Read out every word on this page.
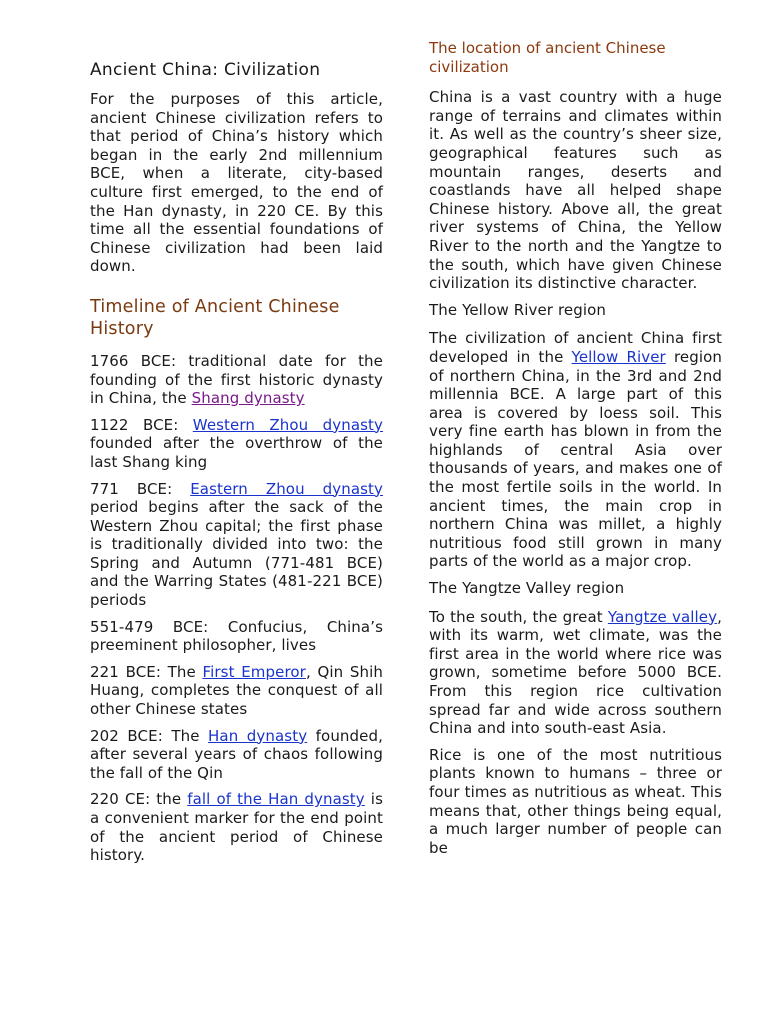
Ancient China: Civilization

For the purposes of this article, ancient Chinese civilization refers to that period of China’s history which began in the early 2nd millennium BCE, when a literate, city-based culture first emerged, to the end of the Han dynasty, in 220 CE. By this time all the essential foundations of Chinese civilization had been laid down.

Timeline of Ancient Chinese History

1766 BCE: traditional date for the founding of the first historic dynasty in China, the Shang dynasty

1122 BCE: Western Zhou dynasty founded after the overthrow of the last Shang king

771 BCE: Eastern Zhou dynasty period begins after the sack of the Western Zhou capital; the first phase is traditionally divided into two: the Spring and Autumn (771-481 BCE) and the Warring States (481-221 BCE) periods

551-479 BCE: Confucius, China’s preeminent philosopher, lives

221 BCE: The First Emperor, Qin Shih Huang, completes the conquest of all other Chinese states

202 BCE: The Han dynasty founded, after several years of chaos following the fall of the Qin

220 CE: the fall of the Han dynasty is a convenient marker for the end point of the ancient period of Chinese history.

The location of ancient Chinese civilization

China is a vast country with a huge range of terrains and climates within it. As well as the country’s sheer size, geographical features such as mountain ranges, deserts and coastlands have all helped shape Chinese history. Above all, the great river systems of China, the Yellow River to the north and the Yangtze to the south, which have given Chinese civilization its distinctive character.

The Yellow River region

The civilization of ancient China first developed in the Yellow River region of northern China, in the 3rd and 2nd millennia BCE. A large part of this area is covered by loess soil. This very fine earth has blown in from the highlands of central Asia over thousands of years, and makes one of the most fertile soils in the world. In ancient times, the main crop in northern China was millet, a highly nutritious food still grown in many parts of the world as a major crop.

The Yangtze Valley region

To the south, the great Yangtze valley, with its warm, wet climate, was the first area in the world where rice was grown, sometime before 5000 BCE. From this region rice cultivation spread far and wide across southern China and into south-east Asia.

Rice is one of the most nutritious plants known to humans – three or four times as nutritious as wheat. This means that, other things being equal, a much larger number of people can be
